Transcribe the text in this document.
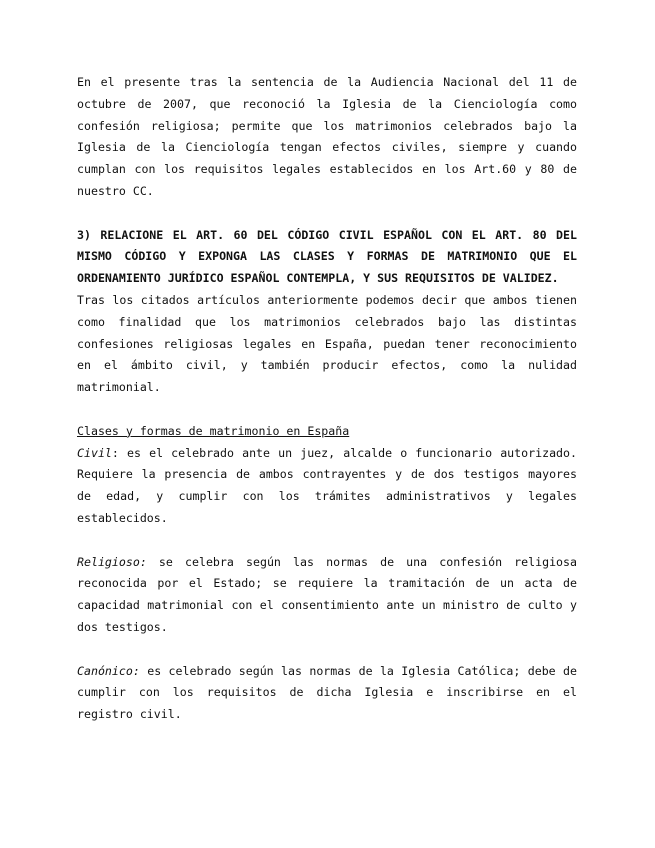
En el presente tras la sentencia de la Audiencia Nacional del 11 de octubre de 2007, que reconoció la Iglesia de la Cienciología como confesión religiosa; permite que los matrimonios celebrados bajo la Iglesia de la Cienciología tengan efectos civiles, siempre y cuando cumplan con los requisitos legales establecidos en los Art.60 y 80 de nuestro CC.

3) RELACIONE EL ART. 60 DEL CÓDIGO CIVIL ESPAÑOL CON EL ART. 80 DEL MISMO CÓDIGO Y EXPONGA LAS CLASES Y FORMAS DE MATRIMONIO QUE EL ORDENAMIENTO JURÍDICO ESPAÑOL CONTEMPLA, Y SUS REQUISITOS DE VALIDEZ.

Tras los citados artículos anteriormente podemos decir que ambos tienen como finalidad que los matrimonios celebrados bajo las distintas confesiones religiosas legales en España, puedan tener reconocimiento en el ámbito civil, y también producir efectos, como la nulidad matrimonial.

Clases y formas de matrimonio en España

Civil: es el celebrado ante un juez, alcalde o funcionario autorizado. Requiere la presencia de ambos contrayentes y de dos testigos mayores de edad, y cumplir con los trámites administrativos y legales establecidos.

Religioso: se celebra según las normas de una confesión religiosa reconocida por el Estado; se requiere la tramitación de un acta de capacidad matrimonial con el consentimiento ante un ministro de culto y dos testigos.

Canónico: es celebrado según las normas de la Iglesia Católica; debe de cumplir con los requisitos de dicha Iglesia e inscribirse en el registro civil.
